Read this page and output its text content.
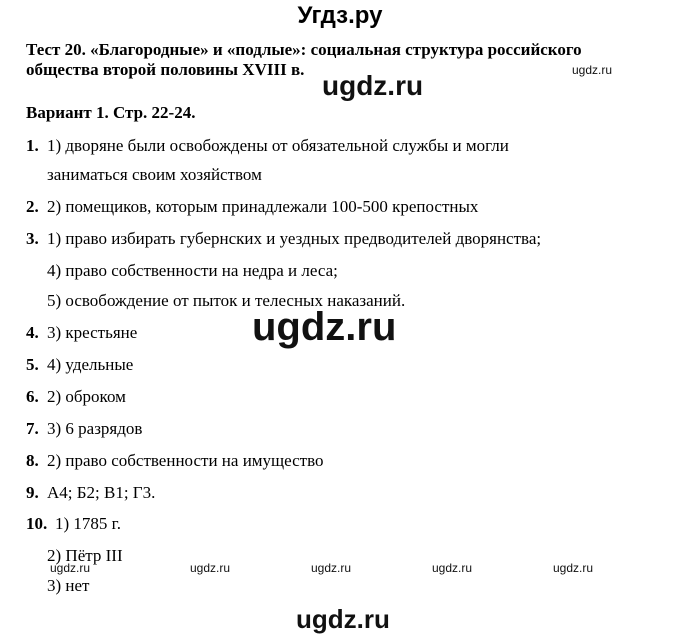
Угдз.ру
Тест 20. «Благородные» и «подлые»: социальная структура российского
общества второй половины XVIII в.	ugdz.ru
ugdz.ru
Вариант 1. Стр. 22-24.
1. 1) дворяне были освобождены от обязательной службы и могли
заниматься своим хозяйством
2. 2) помещиков, которым принадлежали 100-500 крепостных
3. 1) право избирать губернских и уездных предводителей дворянства;
4) право собственности на недра и леса;
5) освобождение от пыток и телесных наказаний.
ugdz.ru
4. 3) крестьяне
5. 4) удельные
6. 2) оброком
7. 3) 6 разрядов
8. 2) право собственности на имущество
9. А4; Б2; В1; Г3.
10. 1) 1785 г.
2) Пётр III
3) нет
ugdz.ru	ugdz.ru	ugdz.ru	ugdz.ru	ugdz.ru
ugdz.ru
